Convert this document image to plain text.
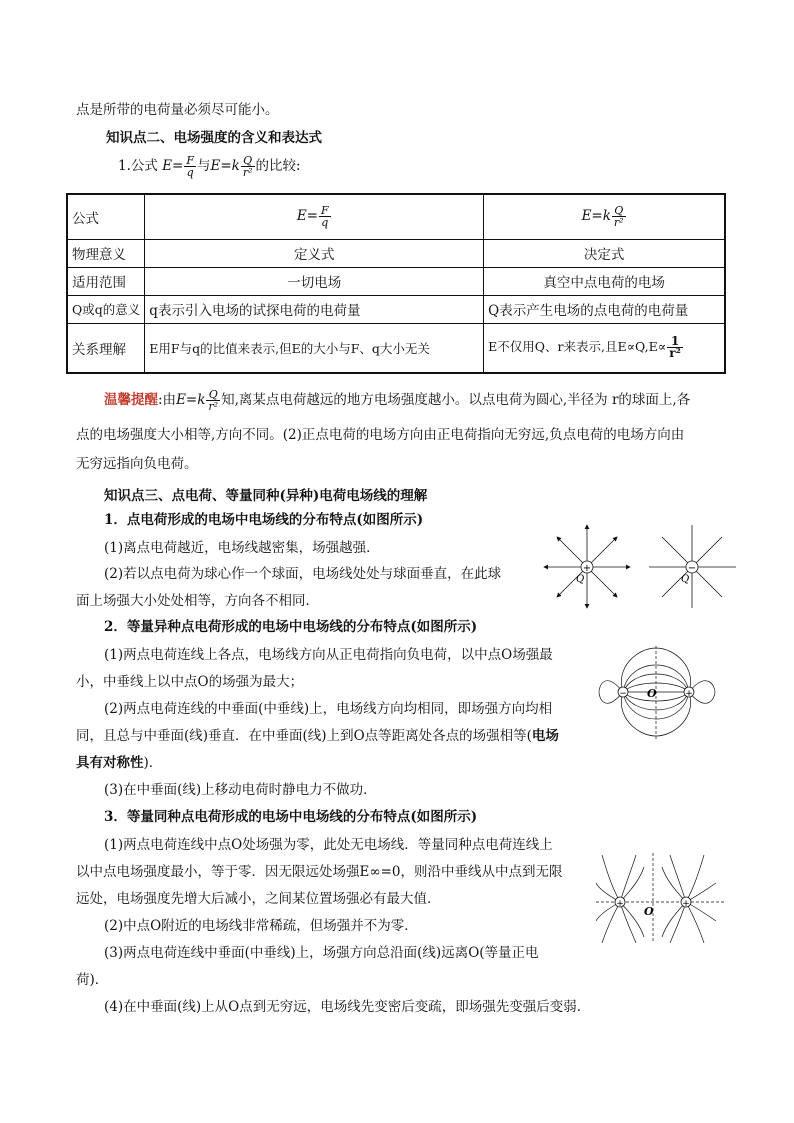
点是所带的电荷量必须尽可能小。
知识点二、电场强度的含义和表达式
1.公式 $E= \frac{F}{q}$ 与$E=k \frac{Q}{\text{r²}}$ 的比较:
公式	$E= \frac{F}{q}$	$E=k \frac{Q}{\text{r²}}$

物理意义	定义式	决定式
适用范围	一切电场	真空中点电荷的电场
Q或q的意义	q表示引入电场的试探电荷的电荷量	Q表示产生电场的点电荷的电荷量
关系理解	E用F与q的比值来表示,但E的大小与F、q大小无关	E不仅用Q、r来表示,且$E\propto Q,E\propto \frac{1}{\text{r²}}$
温馨提醒:由$E=k \frac{Q}{\text{r²}}$ 知,离某点电荷越远的地方电场强度越小。以点电荷为圆心,半径为 r的球面上,各
点的电场强度大小相等,方向不同。(2)正点电荷的电场方向由正电荷指向无穷远,负点电荷的电场方向由
无穷远指向负电荷。
知识点三、点电荷、等量同种(异种)电荷电场线的理解
1．点电荷形成的电场中电场线的分布特点(如图所示)
(1)离点电荷越近，电场线越密集，场强越强．
(2)若以点电荷为球心作一个球面，电场线处处与球面垂直，在此球
面上场强大小处处相等，方向各不相同．
2．等量异种点电荷形成的电场中电场线的分布特点(如图所示)
(1)两点电荷连线上各点，电场线方向从正电荷指向负电荷，以中点O场强最
小，中垂线上以中点O的场强为最大；
(2)两点电荷连线的中垂面(中垂线)上，电场线方向均相同，即场强方向均相
同，且总与中垂面(线)垂直．在中垂面(线)上到O点等距离处各点的场强相等(电场
具有对称性)．
(3)在中垂面(线)上移动电荷时静电力不做功．
3．等量同种点电荷形成的电场中电场线的分布特点(如图所示)
(1)两点电荷连线中点O处场强为零，此处无电场线．等量同种点电荷连线上
以中点电场强度最小，等于零．因无限远处场强E∞=0，则沿中垂线从中点到无限
远处，电场强度先增大后减小，之间某位置场强必有最大值．
(2)中点O附近的电场线非常稀疏，但场强并不为零．
(3)两点电荷连线中垂面(中垂线)上，场强方向总沿面(线)远离O(等量正电
荷)．
(4)在中垂面(线)上从O点到无穷远，电场线先变密后变疏，即场强先变强后变弱．
+
Q
−
Q
−	+
O
+	+
O
